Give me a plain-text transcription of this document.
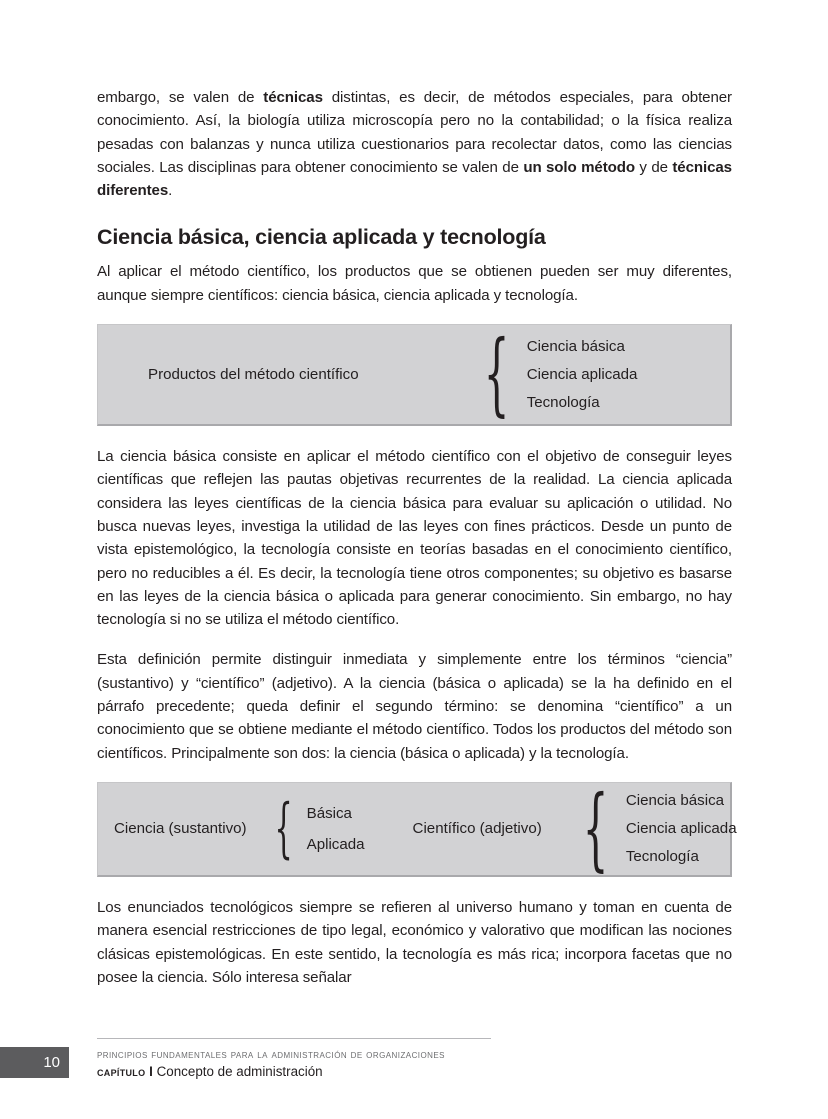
embargo, se valen de técnicas distintas, es decir, de métodos especiales, para obtener conocimiento. Así, la biología utiliza microscopía pero no la contabilidad; o la física realiza pesadas con balanzas y nunca utiliza cuestionarios para recolectar datos, como las ciencias sociales. Las disciplinas para obtener conocimiento se valen de un solo método y de técnicas diferentes.

Ciencia básica, ciencia aplicada y tecnología

Al aplicar el método científico, los productos que se obtienen pueden ser muy diferentes, aunque siempre científicos: ciencia básica, ciencia aplicada y tecnología.

Productos del método científico { Ciencia básica
Ciencia aplicada
Tecnología

La ciencia básica consiste en aplicar el método científico con el objetivo de conseguir leyes científicas que reflejen las pautas objetivas recurrentes de la realidad. La ciencia aplicada considera las leyes científicas de la ciencia básica para evaluar su aplicación o utilidad. No busca nuevas leyes, investiga la utilidad de las leyes con fines prácticos. Desde un punto de vista epistemológico, la tecnología consiste en teorías basadas en el conocimiento científico, pero no reducibles a él. Es decir, la tecnología tiene otros componentes; su objetivo es basarse en las leyes de la ciencia básica o aplicada para generar conocimiento. Sin embargo, no hay tecnología si no se utiliza el método científico.

Esta definición permite distinguir inmediata y simplemente entre los términos “ciencia” (sustantivo) y “científico” (adjetivo). A la ciencia (básica o aplicada) se la ha definido en el párrafo precedente; queda definir el segundo término: se denomina “científico” a un conocimiento que se obtiene mediante el método científico. Todos los productos del método son científicos. Principalmente son dos: la ciencia (básica o aplicada) y la tecnología.

Ciencia (sustantivo) { Básica
Aplicada
Científico (adjetivo) { Ciencia básica
Ciencia aplicada
Tecnología

Los enunciados tecnológicos siempre se refieren al universo humano y toman en cuenta de manera esencial restricciones de tipo legal, económico y valorativo que modifican las nociones clásicas epistemológicas. En este sentido, la tecnología es más rica; incorpora facetas que no posee la ciencia. Sólo interesa señalar

10	principios fundamentales para la administración de organizaciones
capítulo I Concepto de administración
